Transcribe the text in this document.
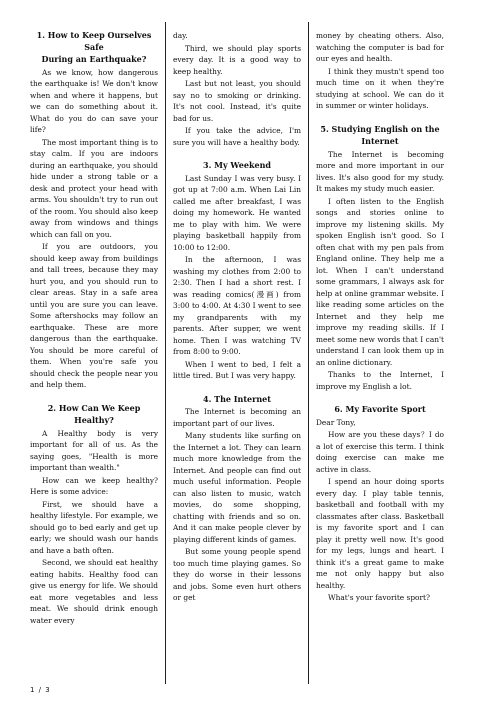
1. How to Keep Ourselves Safe
During an Earthquake?

As we know, how dangerous the earthquake is! We don't know when and where it happens, but we can do something about it. What do you do can save your life?

The most important thing is to stay calm. If you are indoors during an earthquake, you should hide under a strong table or a desk and protect your head with arms. You shouldn't try to run out of the room. You should also keep away from windows and things which can fall on you.

If you are outdoors, you should keep away from buildings and tall trees, because they may hurt you, and you should run to clear areas. Stay in a safe area until you are sure you can leave. Some aftershocks may follow an earthquake. These are more dangerous than the earthquake. You should be more careful of them. When you're safe you should check the people near you and help them.

2. How Can We Keep
Healthy?

A Healthy body is very important for all of us. As the saying goes, "Health is more important than wealth."

How can we keep healthy? Here is some advice:

First, we should have a healthy lifestyle. For example, we should go to bed early and get up early; we should wash our hands and have a bath often.

Second, we should eat healthy eating habits. Healthy food can give us energy for life. We should eat more vegetables and less meat. We should drink enough water every

day.

Third, we should play sports every day. It is a good way to keep healthy.

Last but not least, you should say no to smoking or drinking. It's not cool. Instead, it's quite bad for us.

If you take the advice, I'm sure you will have a healthy body.

3. My Weekend

Last Sunday I was very busy. I got up at 7:00 a.m. When Lai Lin called me after breakfast, I was doing my homework. He wanted me to play with him. We were playing basketball happily from 10:00 to 12:00.

In the afternoon, I was washing my clothes from 2:00 to 2:30. Then I had a short rest. I was reading comics(漫画) from 3:00 to 4:00. At 4:30 I went to see my grandparents with my parents. After supper, we went home. Then I was watching TV from 8:00 to 9:00.

When I went to bed, I felt a little tired. But I was very happy.

4. The Internet

The Internet is becoming an important part of our lives.

Many students like surfing on the Internet a lot. They can learn much more knowledge from the Internet. And people can find out much useful information. People can also listen to music, watch movies, do some shopping, chatting with friends and so on. And it can make people clever by playing different kinds of games.

But some young people spend too much time playing games. So they do worse in their lessons and jobs. Some even hurt others or get

money by cheating others. Also, watching the computer is bad for our eyes and health.

I think they mustn't spend too much time on it when they're studying at school. We can do it in summer or winter holidays.

5. Studying English on the
Internet

The Internet is becoming more and more important in our lives. It's also good for my study. It makes my study much easier.

I often listen to the English songs and stories online to improve my listening skills. My spoken English isn't good. So I often chat with my pen pals from England online. They help me a lot. When I can't understand some grammars, I always ask for help at online grammar website. I like reading some articles on the Internet and they help me improve my reading skills. If I meet some new words that I can't understand I can look them up in an online dictionary.

Thanks to the Internet, I improve my English a lot.

6. My Favorite Sport

Dear Tony,

How are you these days？I do a lot of exercise this term. I think doing exercise can make me active in class.

I spend an hour doing sports every day. I play table tennis, basketball and football with my classmates after class. Basketball is my favorite sport and I can play it pretty well now. It's good for my legs, lungs and heart. I think it's a great game to make me not only happy but also healthy.

What's your favorite sport?

1 / 3
